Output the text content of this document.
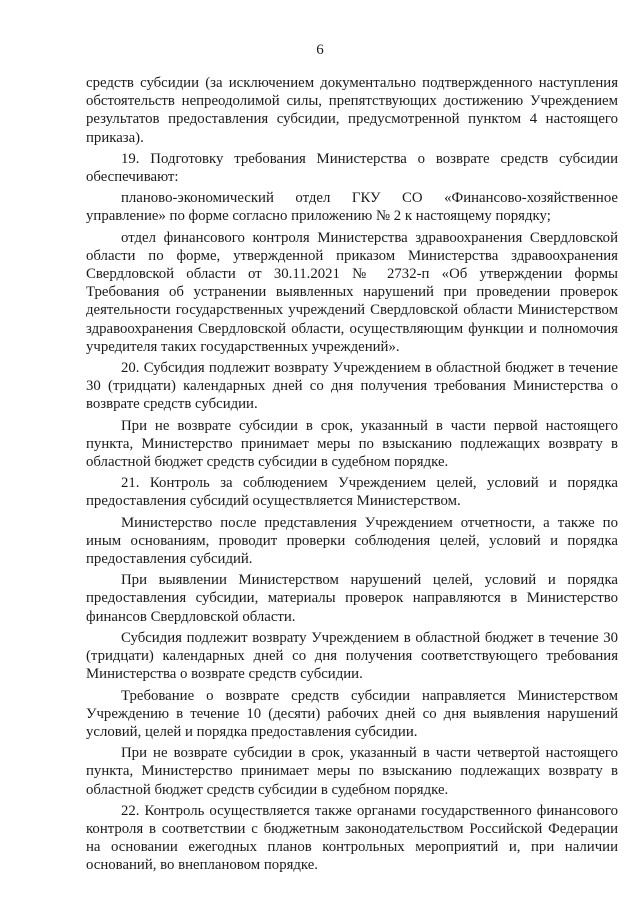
6

средств субсидии (за исключением документально подтвержденного наступления обстоятельств непреодолимой силы, препятствующих достижению Учреждением результатов предоставления субсидии, предусмотренной пунктом 4 настоящего приказа).

19. Подготовку требования Министерства о возврате средств субсидии обеспечивают:

планово-экономический отдел ГКУ СО «Финансово-хозяйственное управление» по форме согласно приложению № 2 к настоящему порядку;

отдел финансового контроля Министерства здравоохранения Свердловской области по форме, утвержденной приказом Министерства здравоохранения Свердловской области от 30.11.2021 № 2732-п «Об утверждении формы Требования об устранении выявленных нарушений при проведении проверок деятельности государственных учреждений Свердловской области Министерством здравоохранения Свердловской области, осуществляющим функции и полномочия учредителя таких государственных учреждений».

20. Субсидия подлежит возврату Учреждением в областной бюджет в течение 30 (тридцати) календарных дней со дня получения требования Министерства о возврате средств субсидии.

При не возврате субсидии в срок, указанный в части первой настоящего пункта, Министерство принимает меры по взысканию подлежащих возврату в областной бюджет средств субсидии в судебном порядке.

21. Контроль за соблюдением Учреждением целей, условий и порядка предоставления субсидий осуществляется Министерством.

Министерство после представления Учреждением отчетности, а также по иным основаниям, проводит проверки соблюдения целей, условий и порядка предоставления субсидий.

При выявлении Министерством нарушений целей, условий и порядка предоставления субсидии, материалы проверок направляются в Министерство финансов Свердловской области.

Субсидия подлежит возврату Учреждением в областной бюджет в течение 30 (тридцати) календарных дней со дня получения соответствующего требования Министерства о возврате средств субсидии.

Требование о возврате средств субсидии направляется Министерством Учреждению в течение 10 (десяти) рабочих дней со дня выявления нарушений условий, целей и порядка предоставления субсидии.

При не возврате субсидии в срок, указанный в части четвертой настоящего пункта, Министерство принимает меры по взысканию подлежащих возврату в областной бюджет средств субсидии в судебном порядке.

22. Контроль осуществляется также органами государственного финансового контроля в соответствии с бюджетным законодательством Российской Федерации на основании ежегодных планов контрольных мероприятий и, при наличии оснований, во внеплановом порядке.
